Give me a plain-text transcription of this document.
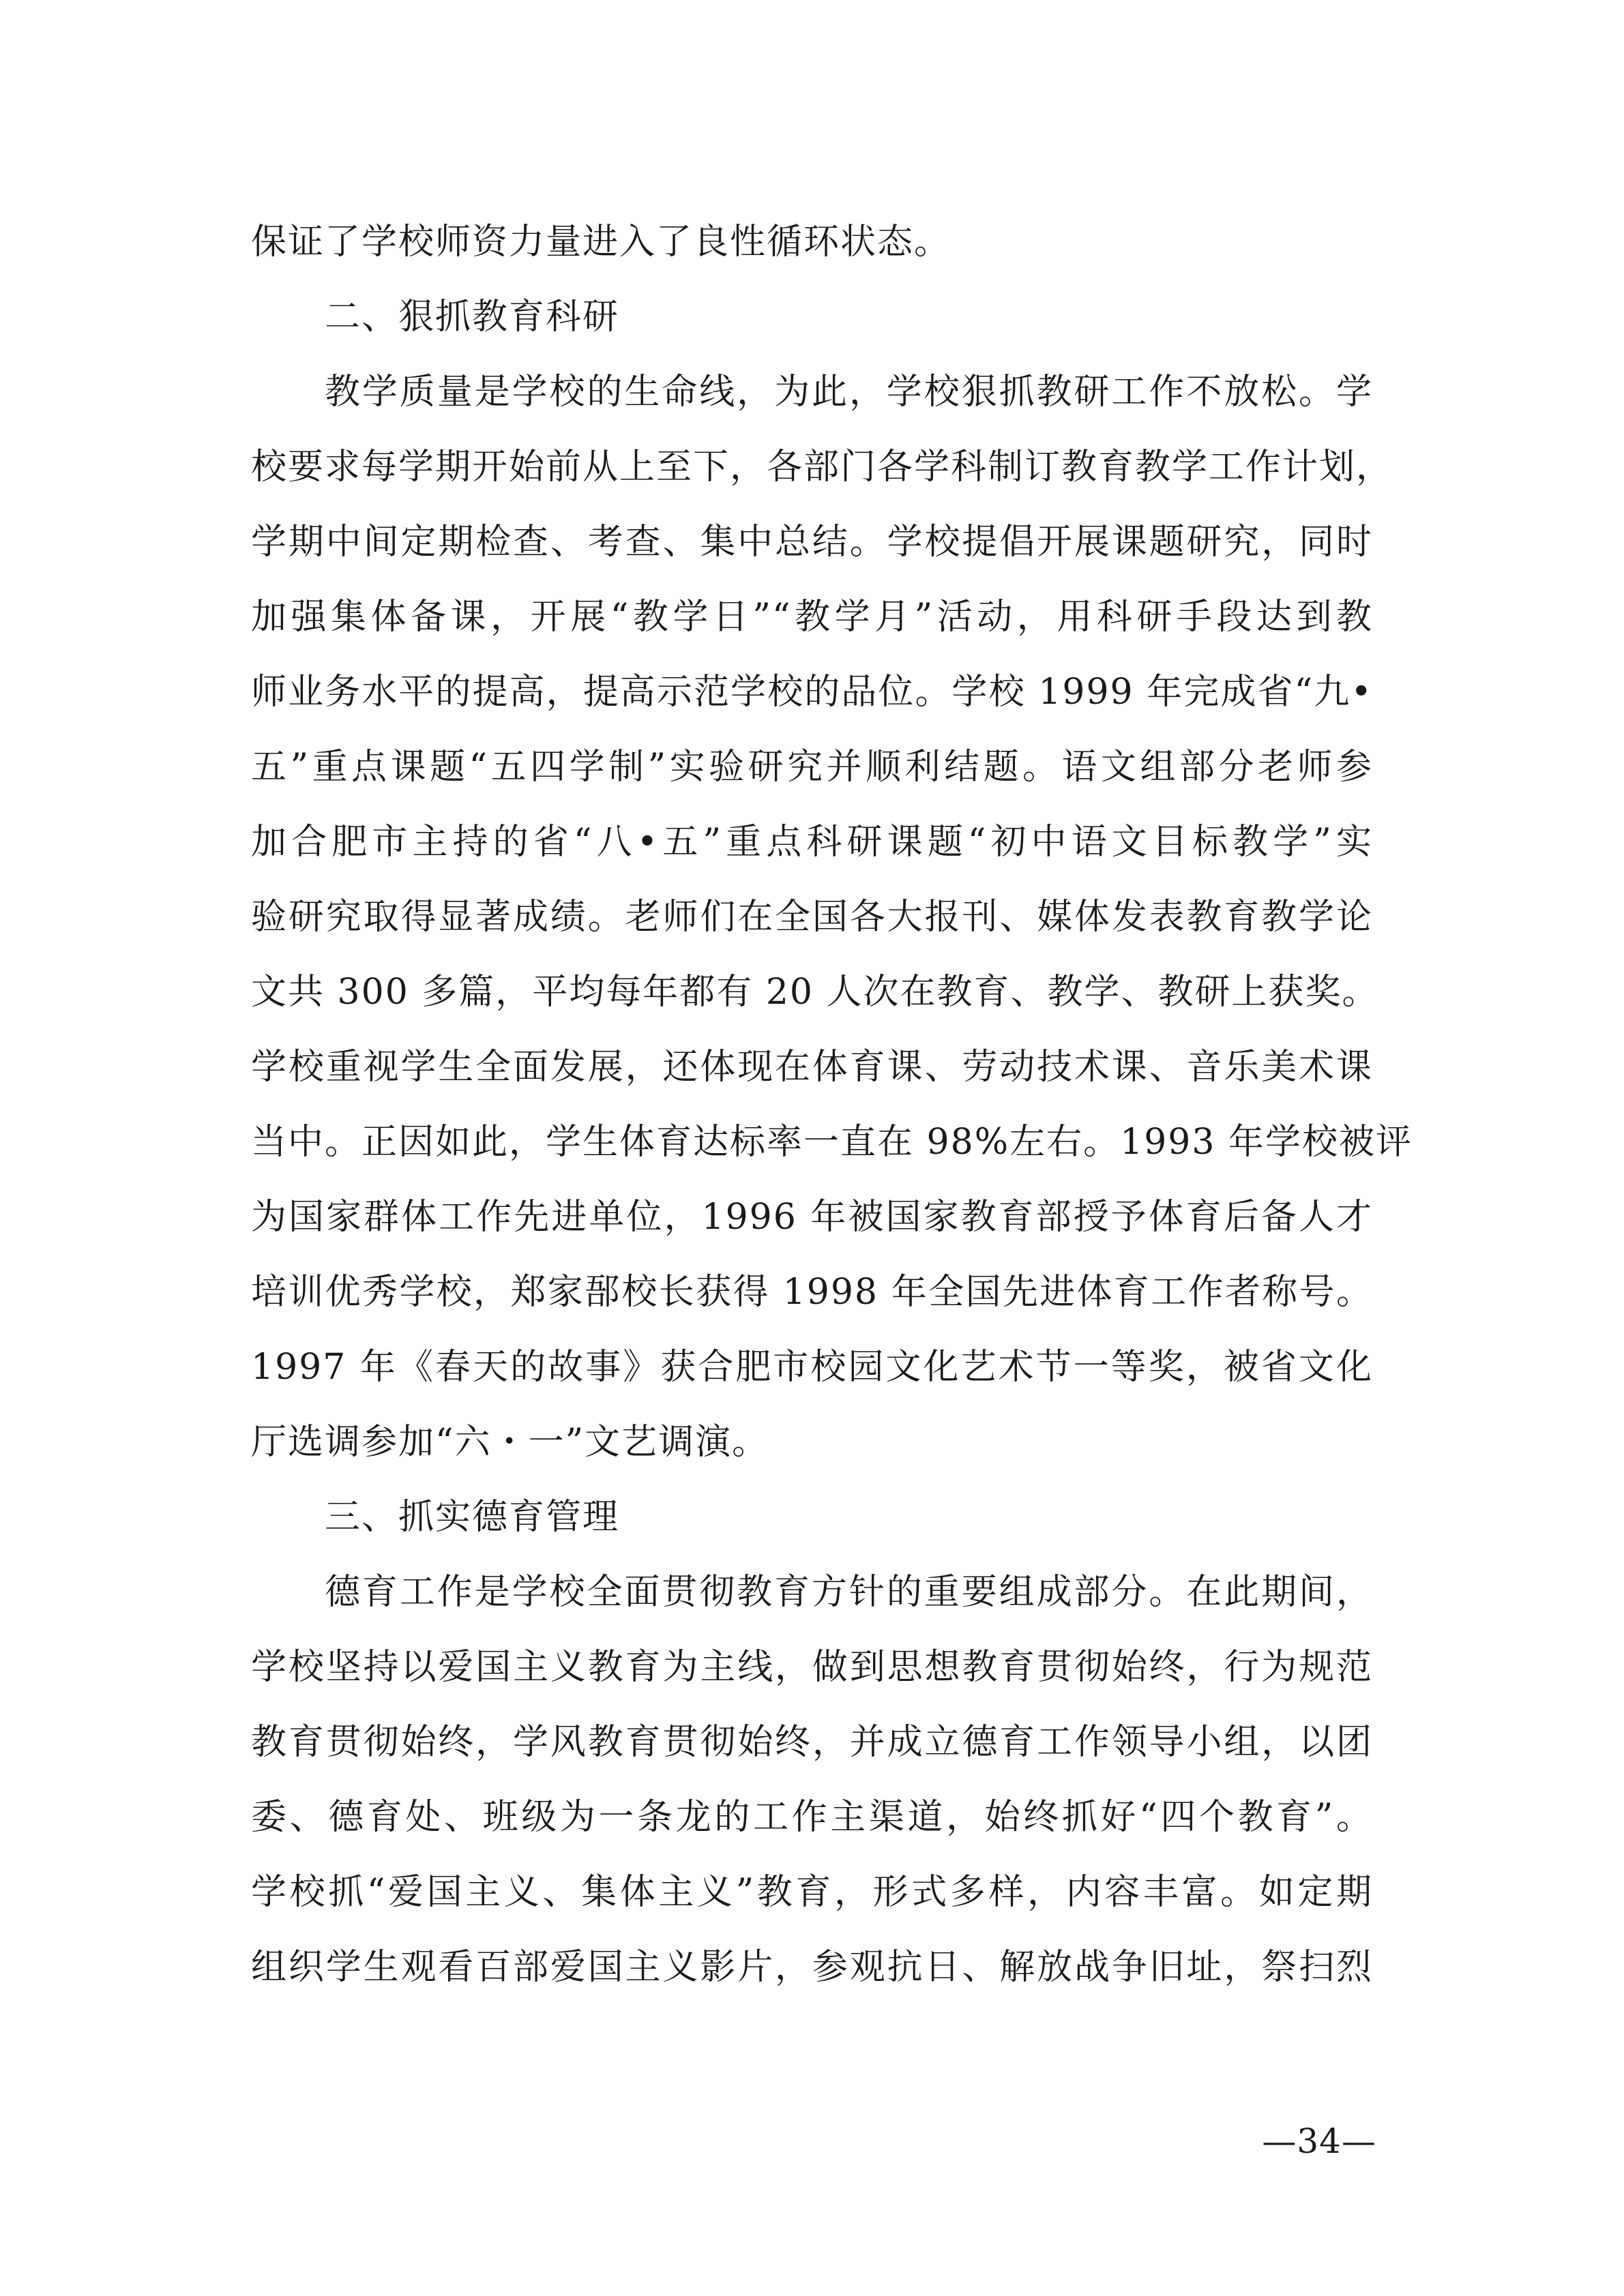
保证了学校师资力量进入了良性循环状态。
二、狠抓教育科研
教学质量是学校的生命线，为此，学校狠抓教研工作不放松。学
校要求每学期开始前从上至下，各部门各学科制订教育教学工作计划，
学期中间定期检查、考查、集中总结。学校提倡开展课题研究，同时
加强集体备课，开展“教学日”“教学月”活动，用科研手段达到教
师业务水平的提高，提高示范学校的品位。学校 1999 年完成省“九•
五”重点课题“五四学制”实验研究并顺利结题。语文组部分老师参
加合肥市主持的省“八•五”重点科研课题“初中语文目标教学”实
验研究取得显著成绩。老师们在全国各大报刊、媒体发表教育教学论
文共 300 多篇，平均每年都有 20 人次在教育、教学、教研上获奖。
学校重视学生全面发展，还体现在体育课、劳动技术课、音乐美术课
当中。正因如此，学生体育达标率一直在 98%左右。1993 年学校被评
为国家群体工作先进单位，1996 年被国家教育部授予体育后备人才
培训优秀学校，郑家郚校长获得 1998 年全国先进体育工作者称号。
1997 年《春天的故事》获合肥市校园文化艺术节一等奖，被省文化
厅选调参加“六・一”文艺调演。
三、抓实德育管理
德育工作是学校全面贯彻教育方针的重要组成部分。在此期间，
学校坚持以爱国主义教育为主线，做到思想教育贯彻始终，行为规范
教育贯彻始终，学风教育贯彻始终，并成立德育工作领导小组，以团
委、德育处、班级为一条龙的工作主渠道，始终抓好“四个教育”。
学校抓“爱国主义、集体主义”教育，形式多样，内容丰富。如定期
组织学生观看百部爱国主义影片，参观抗日、解放战争旧址，祭扫烈
—34—
